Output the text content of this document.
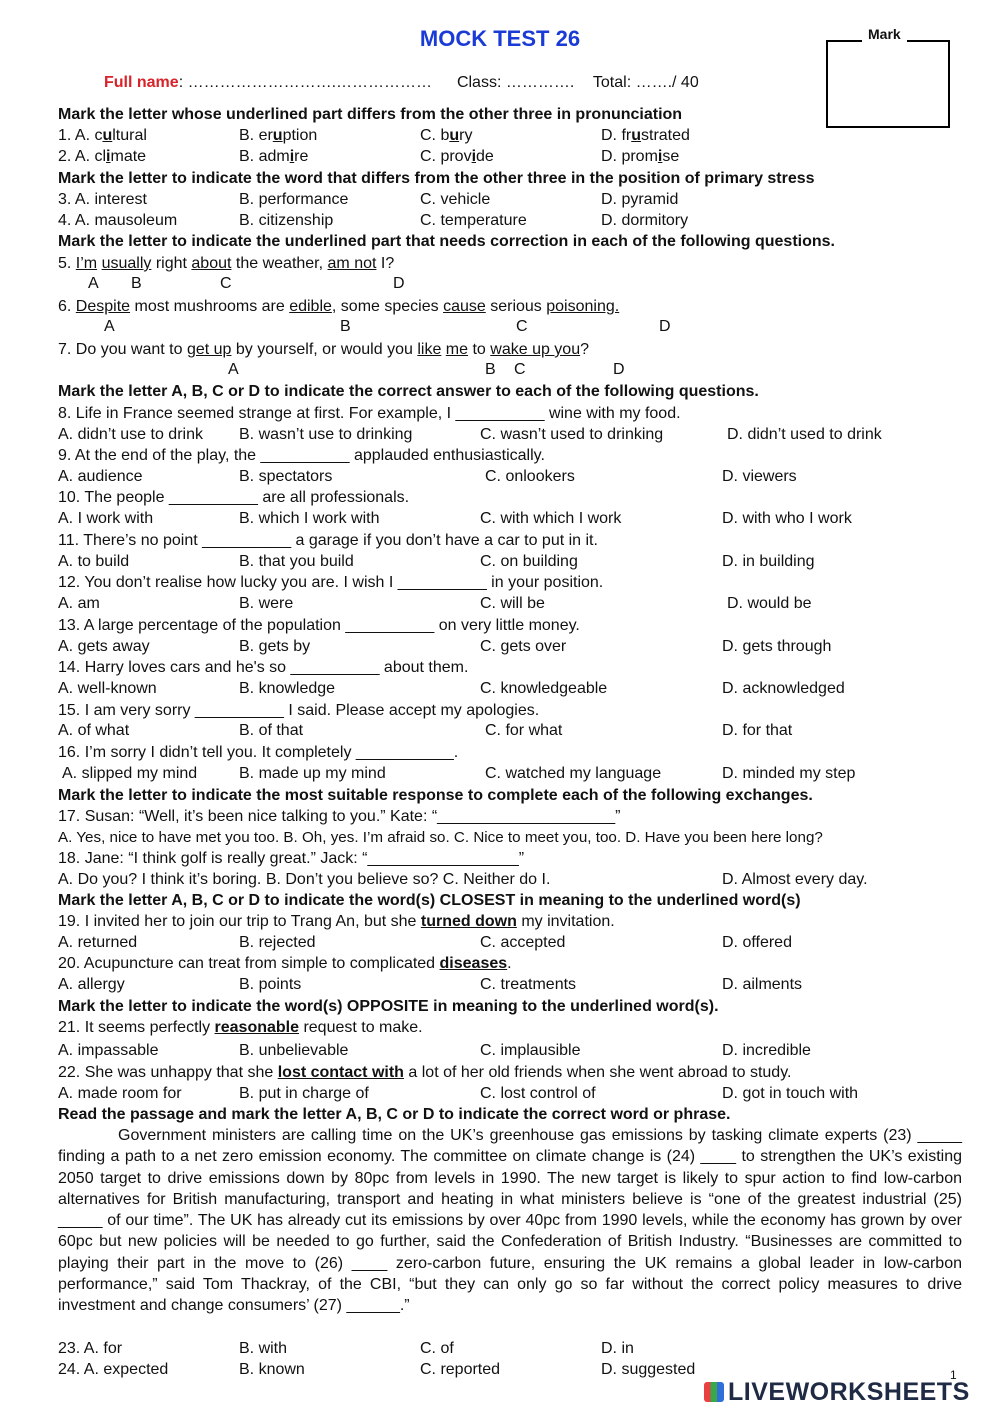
MOCK TEST 26	Mark
Full name: ……………………….……………… Class: …………. Total: ……./ 40
Mark the letter whose underlined part differs from the other three in pronunciation
1. A. cultural	B. eruption	C. bury	D. frustrated
2. A. climate	B. admire	C. provide	D. promise
Mark the letter to indicate the word that differs from the other three in the position of primary stress
3. A. interest	B. performance	C. vehicle	D. pyramid
4. A. mausoleum	B. citizenship	C. temperature	D. dormitory
Mark the letter to indicate the underlined part that needs correction in each of the following questions.
5. I’m usually right about the weather, am not I?
A B	C	D
6. Despite most mushrooms are edible, some species cause serious poisoning.
A	B	C	D
7. Do you want to get up by yourself, or would you like me to wake up you?
A	B C	D
Mark the letter A, B, C or D to indicate the correct answer to each of the following questions.
8. Life in France seemed strange at first. For example, I __________ wine with my food.
A. didn’t use to drink B. wasn’t use to drinking	C. wasn’t used to drinking	D. didn’t used to drink
9. At the end of the play, the __________ applauded enthusiastically.
A. audience	B. spectators	C. onlookers	D. viewers
10. The people __________ are all professionals.
A. I work with	B. which I work with	C. with which I work	D. with who I work
11. There’s no point __________ a garage if you don’t have a car to put in it.
A. to build	B. that you build	C. on building	D. in building
12. You don’t realise how lucky you are. I wish I __________ in your position.
A. am	B. were	C. will be	D. would be
13. A large percentage of the population __________ on very little money.
A. gets away	B. gets by	C. gets over	D. gets through
14. Harry loves cars and he's so __________ about them.
A. well-known	B. knowledge	C. knowledgeable	D. acknowledged
15. I am very sorry __________ I said. Please accept my apologies.
A. of what	B. of that	C. for what	D. for that
16. I’m sorry I didn’t tell you. It completely ___________.
A. slipped my mind	B. made up my mind	C. watched my language	D. minded my step
Mark the letter to indicate the most suitable response to complete each of the following exchanges.
17. Susan: “Well, it’s been nice talking to you.” Kate: “____________________”
A. Yes, nice to have met you too. B. Oh, yes. I’m afraid so. C. Nice to meet you, too. D. Have you been here long?
18. Jane: “I think golf is really great.” Jack: “_________________”
A. Do you? I think it’s boring. B. Don’t you believe so? C. Neither do I.	D. Almost every day.
Mark the letter A, B, C or D to indicate the word(s) CLOSEST in meaning to the underlined word(s)
19. I invited her to join our trip to Trang An, but she turned down my invitation.
A. returned	B. rejected	C. accepted	D. offered
20. Acupuncture can treat from simple to complicated diseases.
A. allergy	B. points	C. treatments	D. ailments
Mark the letter to indicate the word(s) OPPOSITE in meaning to the underlined word(s).
21. It seems perfectly reasonable request to make.
A. impassable	B. unbelievable	C. implausible	D. incredible
22. She was unhappy that she lost contact with a lot of her old friends when she went abroad to study.
A. made room for	B. put in charge of	C. lost control of	D. got in touch with
Read the passage and mark the letter A, B, C or D to indicate the correct word or phrase.
Government ministers are calling time on the UK’s greenhouse gas emissions by tasking climate experts (23) _____ finding a path to a net zero emission economy. The committee on climate change is (24) ____ to strengthen the UK’s existing 2050 target to drive emissions down by 80pc from levels in 1990. The new target is likely to spur action to find low-carbon alternatives for British manufacturing, transport and heating in what ministers believe is “one of the greatest industrial (25) _____ of our time”. The UK has already cut its emissions by over 40pc from 1990 levels, while the economy has grown by over 60pc but new policies will be needed to go further, said the Confederation of British Industry. “Businesses are committed to playing their part in the move to (26) ____ zero-carbon future, ensuring the UK remains a global leader in low-carbon performance,” said Tom Thackray, of the CBI, “but they can only go so far without the correct policy measures to drive investment and change consumers’ (27) ______.”
23. A. for	B. with	C. of	D. in
24. A. expected	B. known	C. reported	D. suggested	1
LIVEWORKSHEETS
